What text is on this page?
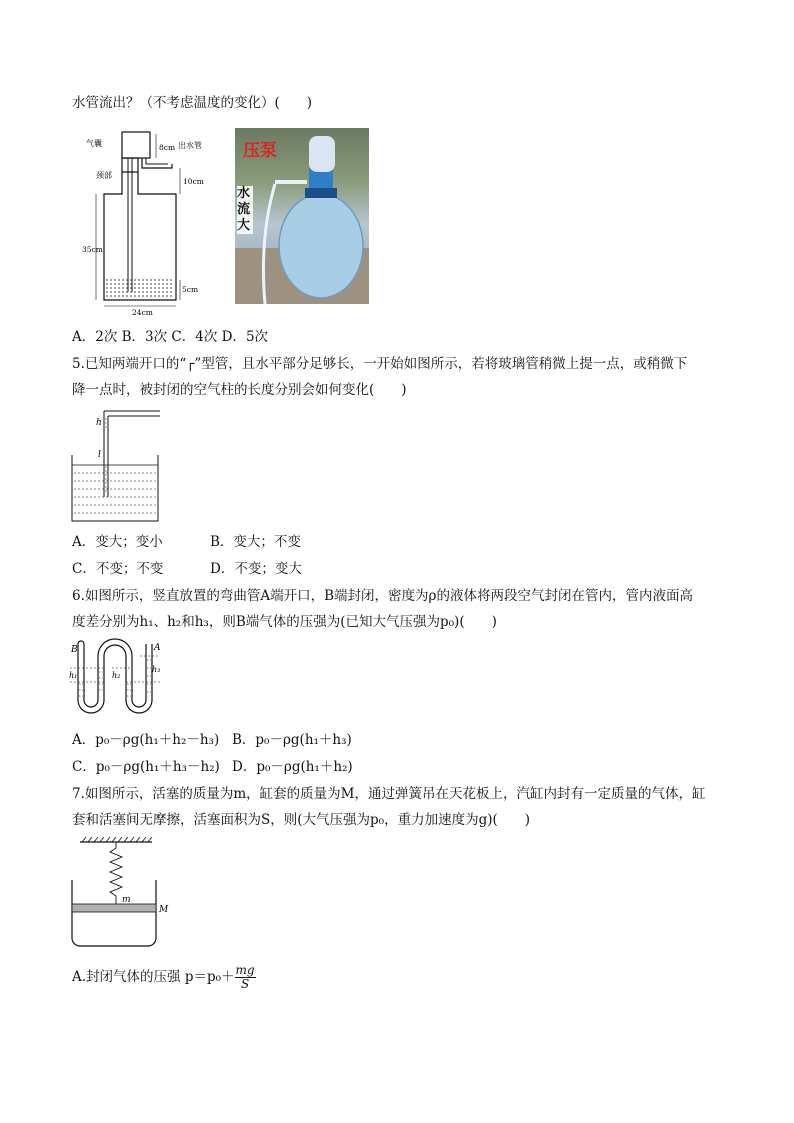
水管流出？（不考虑温度的变化）(　　)
气囊	出水管
颈部
8cm
10cm
35cm
5cm
24cm
压泵
水流大
A．2次 B．3次 C．4次 D．5次
5.已知两端开口的“┌”型管，且水平部分足够长，一开始如图所示，若将玻璃管稍微上提一点，或稍微下
降一点时，被封闭的空气柱的长度分别会如何变化(　　)
h
l
A．变大；变小	B．变大；不变
C．不变；不变	D．不变；变大
6.如图所示，竖直放置的弯曲管A端开口，B端封闭，密度为ρ的液体将两段空气封闭在管内，管内液面高
度差分别为h₁、h₂和h₃，则B端气体的压强为(已知大气压强为p₀)(　　)
B	A
h₁	h₂
h₃
A．p₀－ρg(h₁＋h₂－h₃) B．p₀－ρg(h₁＋h₃)
C．p₀－ρg(h₁＋h₃－h₂) D．p₀－ρg(h₁＋h₂)
7.如图所示，活塞的质量为m，缸套的质量为M，通过弹簧吊在天花板上，汽缸内封有一定质量的气体，缸
套和活塞间无摩擦，活塞面积为S，则(大气压强为p₀，重力加速度为g)(　　)
m
M
A.封闭气体的压强 $p=p_0+ \frac{mg}{S}$
